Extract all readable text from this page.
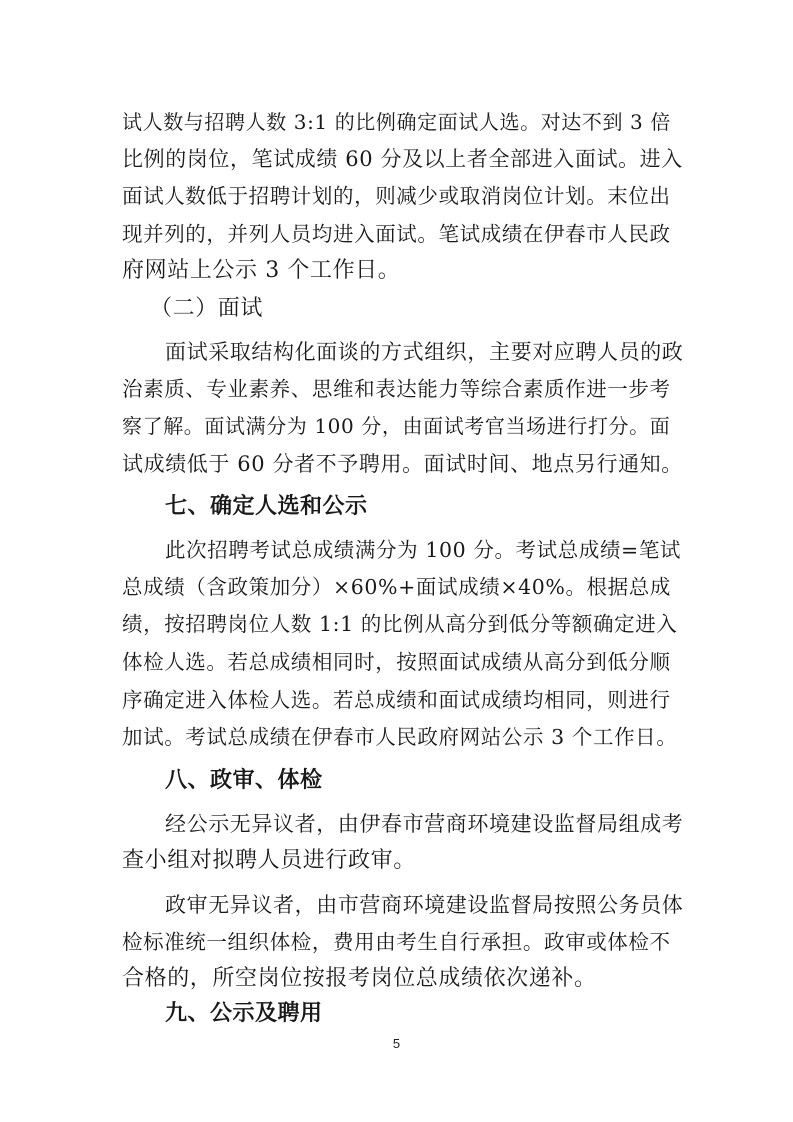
试人数与招聘人数 3:1 的比例确定面试人选。对达不到 3 倍

比例的岗位，笔试成绩 60 分及以上者全部进入面试。进入

面试人数低于招聘计划的，则减少或取消岗位计划。末位出

现并列的，并列人员均进入面试。笔试成绩在伊春市人民政

府网站上公示 3 个工作日。

（二）面试

面试采取结构化面谈的方式组织，主要对应聘人员的政

治素质、专业素养、思维和表达能力等综合素质作进一步考

察了解。面试满分为 100 分，由面试考官当场进行打分。面

试成绩低于 60 分者不予聘用。面试时间、地点另行通知。

七、确定人选和公示

此次招聘考试总成绩满分为 100 分。考试总成绩=笔试

总成绩（含政策加分）×60%+面试成绩×40%。根据总成

绩，按招聘岗位人数 1:1 的比例从高分到低分等额确定进入

体检人选。若总成绩相同时，按照面试成绩从高分到低分顺

序确定进入体检人选。若总成绩和面试成绩均相同，则进行

加试。考试总成绩在伊春市人民政府网站公示 3 个工作日。

八、政审、体检

经公示无异议者，由伊春市营商环境建设监督局组成考

查小组对拟聘人员进行政审。

政审无异议者，由市营商环境建设监督局按照公务员体

检标准统一组织体检，费用由考生自行承担。政审或体检不

合格的，所空岗位按报考岗位总成绩依次递补。

九、公示及聘用

5
